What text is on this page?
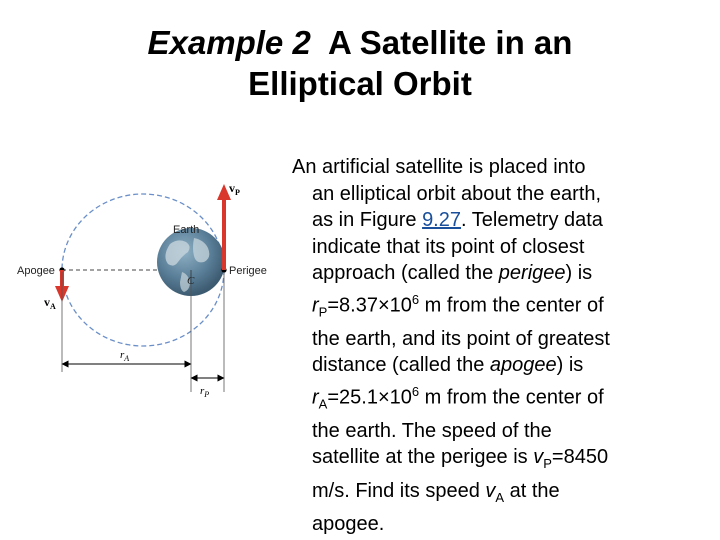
Example 2 A Satellite in an
Elliptical Orbit
Earth
C
Apogee	Perigee
$v_P$
$v_A$
$r_A$
$r_P$

An artificial satellite is placed into

an elliptical orbit about the earth,

as in Figure 9.27. Telemetry data

indicate that its point of closest

approach (called the perigee) is

$r_P=8.37\times 10^6$ m from the center of

the earth, and its point of greatest

distance (called the apogee) is

$r_A=25.1\times 10^6$ m from the center of

the earth. The speed of the

satellite at the perigee is $v_P=8450$

m/s. Find its speed $v_A$ at the

apogee.
